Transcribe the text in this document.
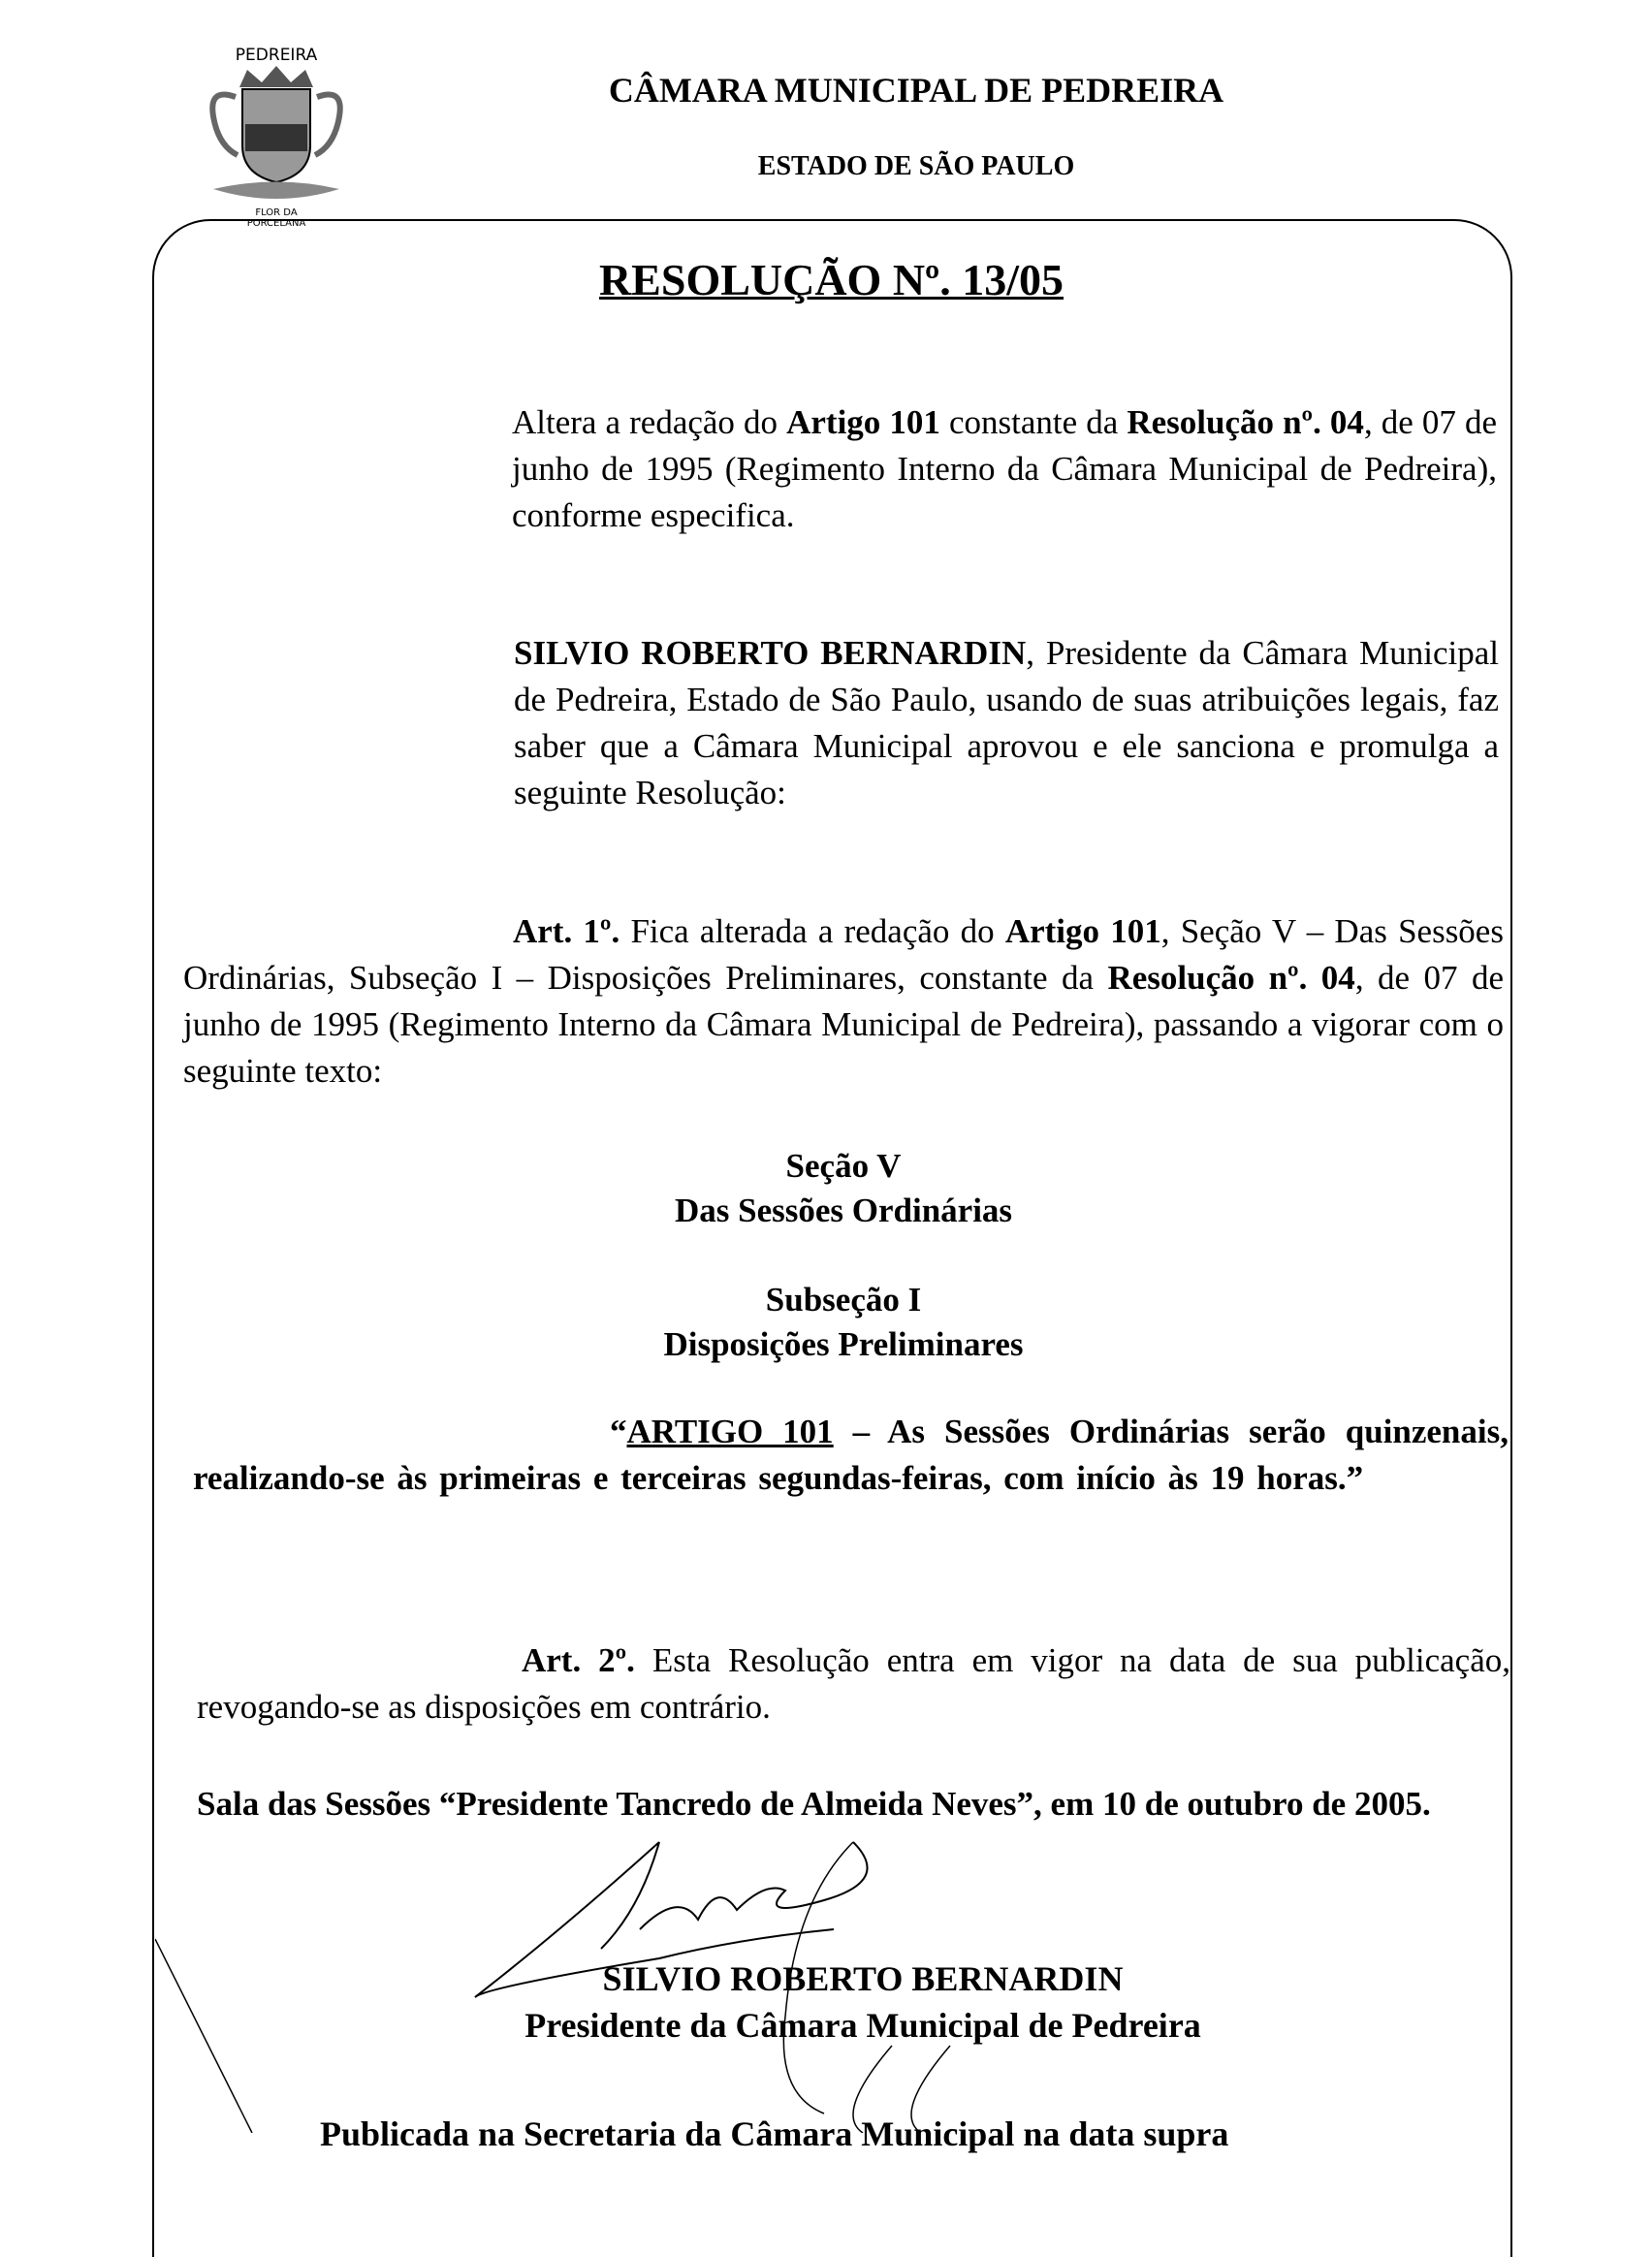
PEDREIRA
FLOR DA
PORCELANA
CÂMARA MUNICIPAL DE PEDREIRA
ESTADO DE SÃO PAULO
RESOLUÇÃO Nº. 13/05
Altera a redação do Artigo 101 constante da Resolução nº. 04, de 07 de junho de 1995 (Regimento Interno da Câmara Municipal de Pedreira), conforme especifica.
SILVIO ROBERTO BERNARDIN, Presidente da Câmara Municipal de Pedreira, Estado de São Paulo, usando de suas atribuições legais, faz saber que a Câmara Municipal aprovou e ele sanciona e promulga a seguinte Resolução:
Art. 1º. Fica alterada a redação do Artigo 101, Seção V – Das Sessões Ordinárias, Subseção I – Disposições Preliminares, constante da Resolução nº. 04, de 07 de junho de 1995 (Regimento Interno da Câmara Municipal de Pedreira), passando a vigorar com o seguinte texto:
Seção V
Das Sessões Ordinárias
Subseção I
Disposições Preliminares
“ARTIGO 101 – As Sessões Ordinárias serão quinzenais, realizando-se às primeiras e terceiras segundas-feiras, com início às 19 horas.”
Art. 2º. Esta Resolução entra em vigor na data de sua publicação, revogando-se as disposições em contrário.
Sala das Sessões “Presidente Tancredo de Almeida Neves”, em 10 de outubro de 2005.
SILVIO ROBERTO BERNARDIN
Presidente da Câmara Municipal de Pedreira
Publicada na Secretaria da Câmara Municipal na data supra
